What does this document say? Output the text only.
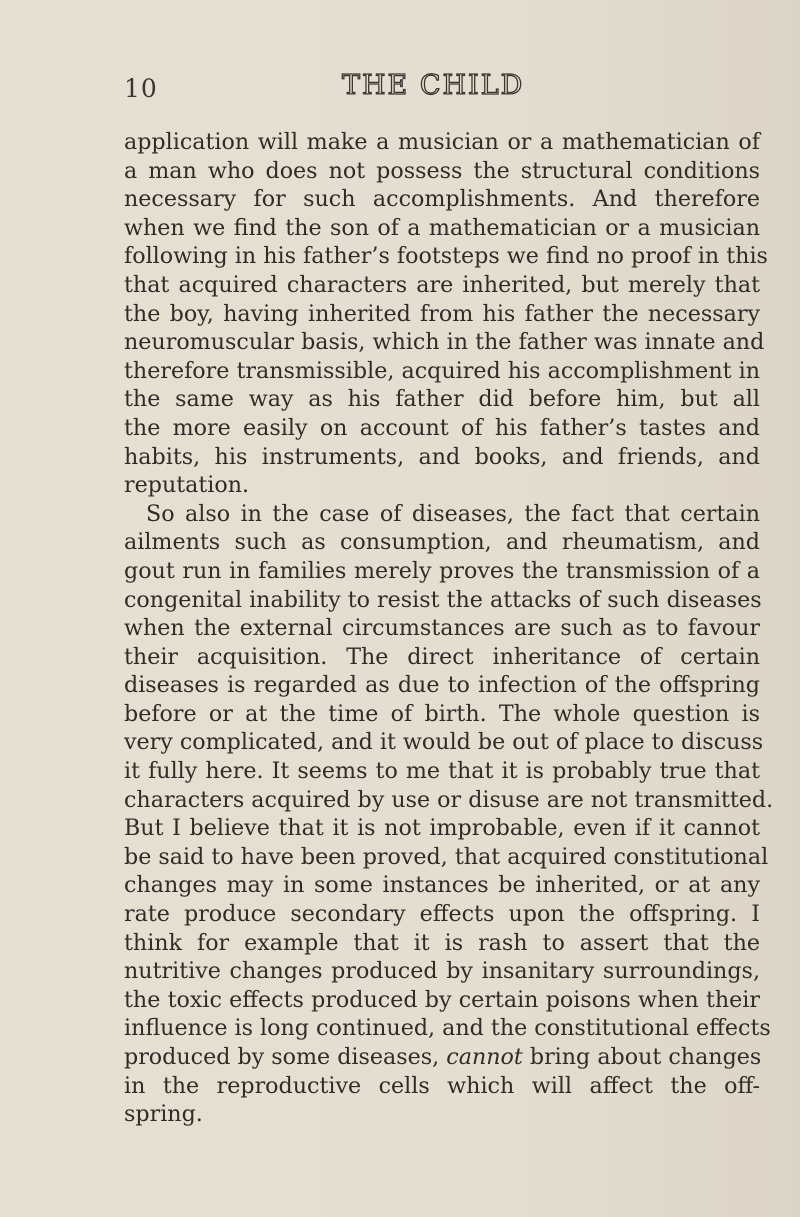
10	THE CHILD
application will make a musician or a mathematician of
a man who does not possess the structural conditions
necessary for such accomplishments. And therefore
when we find the son of a mathematician or a musician
following in his father’s footsteps we find no proof in this
that acquired characters are inherited, but merely that
the boy, having inherited from his father the necessary
neuromuscular basis, which in the father was innate and
therefore transmissible, acquired his accomplishment in
the same way as his father did before him, but all
the more easily on account of his father’s tastes and
habits, his instruments, and books, and friends, and
reputation.
So also in the case of diseases, the fact that certain
ailments such as consumption, and rheumatism, and
gout run in families merely proves the transmission of a
congenital inability to resist the attacks of such diseases
when the external circumstances are such as to favour
their acquisition. The direct inheritance of certain
diseases is regarded as due to infection of the offspring
before or at the time of birth. The whole question is
very complicated, and it would be out of place to discuss
it fully here. It seems to me that it is probably true that
characters acquired by use or disuse are not transmitted.
But I believe that it is not improbable, even if it cannot
be said to have been proved, that acquired constitutional
changes may in some instances be inherited, or at any
rate produce secondary effects upon the offspring. I
think for example that it is rash to assert that the
nutritive changes produced by insanitary surroundings,
the toxic effects produced by certain poisons when their
influence is long continued, and the constitutional effects
produced by some diseases, cannot bring about changes
in the reproductive cells which will affect the off-
spring.
